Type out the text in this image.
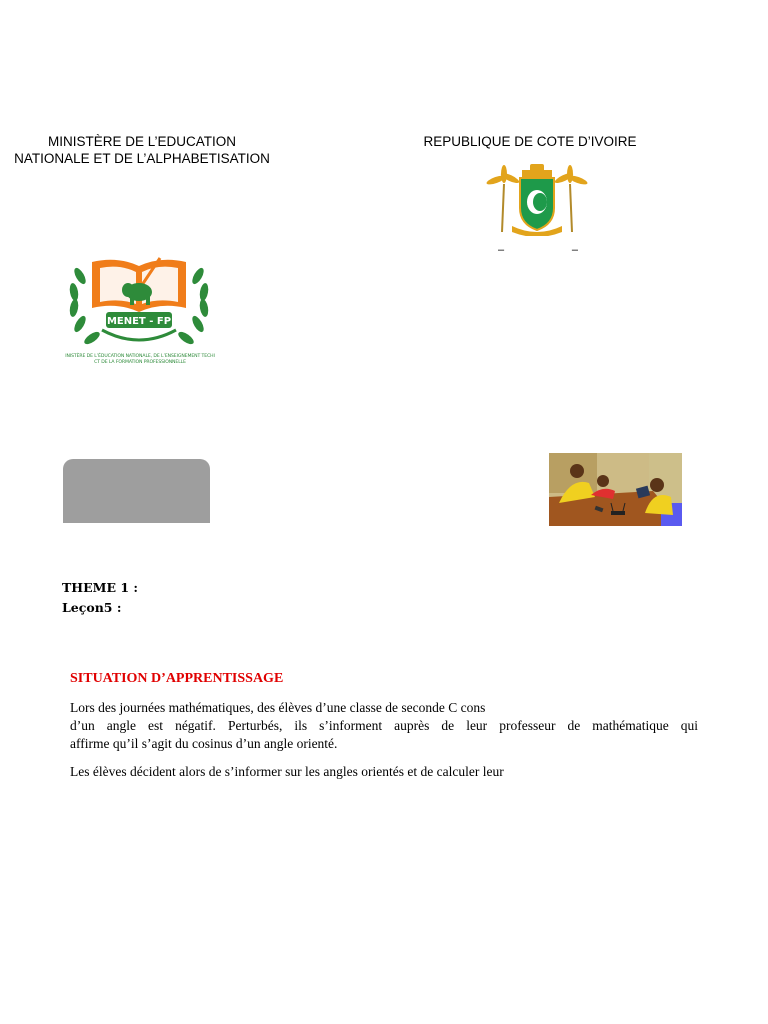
MINISTÈRE DE L’EDUCATION
NATIONALE ET DE L’ALPHABETISATION
REPUBLIQUE DE COTE D’IVOIRE
–	–
MENET - FP
INISTÈRE DE L’ÉDUCATION NATIONALE, DE L’ENSEIGNEMENT TECHI
CT DE LA FORMATION PROFESSIONNELLE
THEME 1 :
Leçon5 :
SITUATION D’APPRENTISSAGE
Lors des journées mathématiques, des élèves d’une classe de seconde C cons
d’un angle est négatif. Perturbés, ils s’informent auprès de leur professeur de mathématique qui
affirme qu’il s’agit du cosinus d’un angle orienté.
Les élèves décident alors de s’informer sur les angles orientés et de calculer leur
